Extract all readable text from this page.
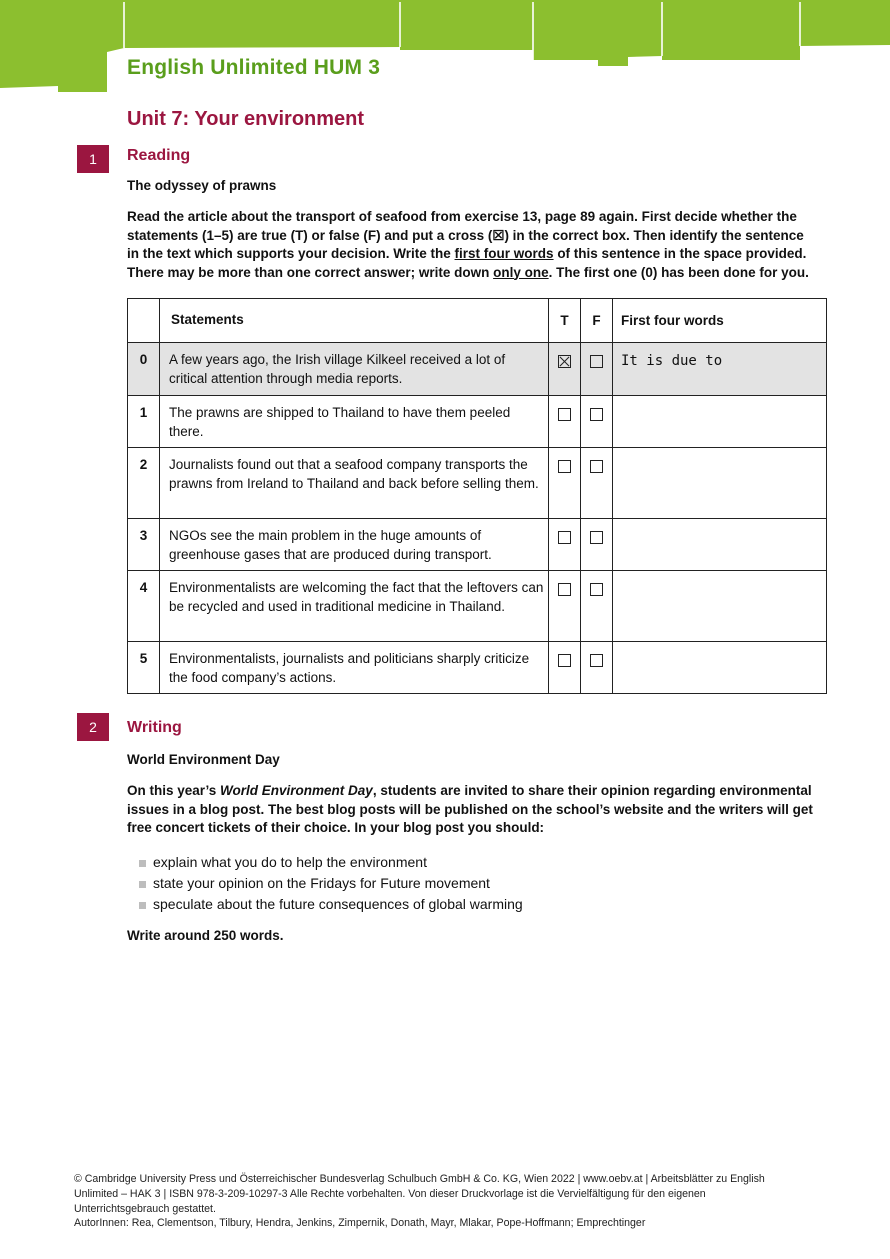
English Unlimited HUM 3
Unit 7: Your environment
1	Reading
The odyssey of prawns
Read the article about the transport of seafood from exercise 13, page 89 again. First decide whether the statements (1–5) are true (T) or false (F) and put a cross (☒) in the correct box. Then identify the sentence in the text which supports your decision. Write the first four words of this sentence in the space provided. There may be more than one correct answer; write down only one. The first one (0) has been done for you.
	Statements	T	F	First four words
0	A few years ago, the Irish village Kilkeel received a lot of critical attention through media reports.			It is due to
1	The prawns are shipped to Thailand to have them peeled there.			
2	Journalists found out that a seafood company transports the prawns from Ireland to Thailand and back before selling them.			
3	NGOs see the main problem in the huge amounts of greenhouse gases that are produced during transport.			
4	Environmentalists are welcoming the fact that the leftovers can be recycled and used in traditional medicine in Thailand.			
5	Environmentalists, journalists and politicians sharply criticize the food company’s actions.			
2	Writing
World Environment Day
On this year’s World Environment Day, students are invited to share their opinion regarding environmental issues in a blog post. The best blog posts will be published on the school’s website and the writers will get free concert tickets of their choice. In your blog post you should:
explain what you do to help the environment
state your opinion on the Fridays for Future movement
speculate about the future consequences of global warming
Write around 250 words.
© Cambridge University Press und Österreichischer Bundesverlag Schulbuch GmbH & Co. KG, Wien 2022 | www.oebv.at | Arbeitsblätter zu English Unlimited – HAK 3 | ISBN 978-3-209-10297-3 Alle Rechte vorbehalten. Von dieser Druckvorlage ist die Vervielfältigung für den eigenen Unterrichtsgebrauch gestattet.
AutorInnen: Rea, Clementson, Tilbury, Hendra, Jenkins, Zimpernik, Donath, Mayr, Mlakar, Pope-Hoffmann; Emprechtinger
